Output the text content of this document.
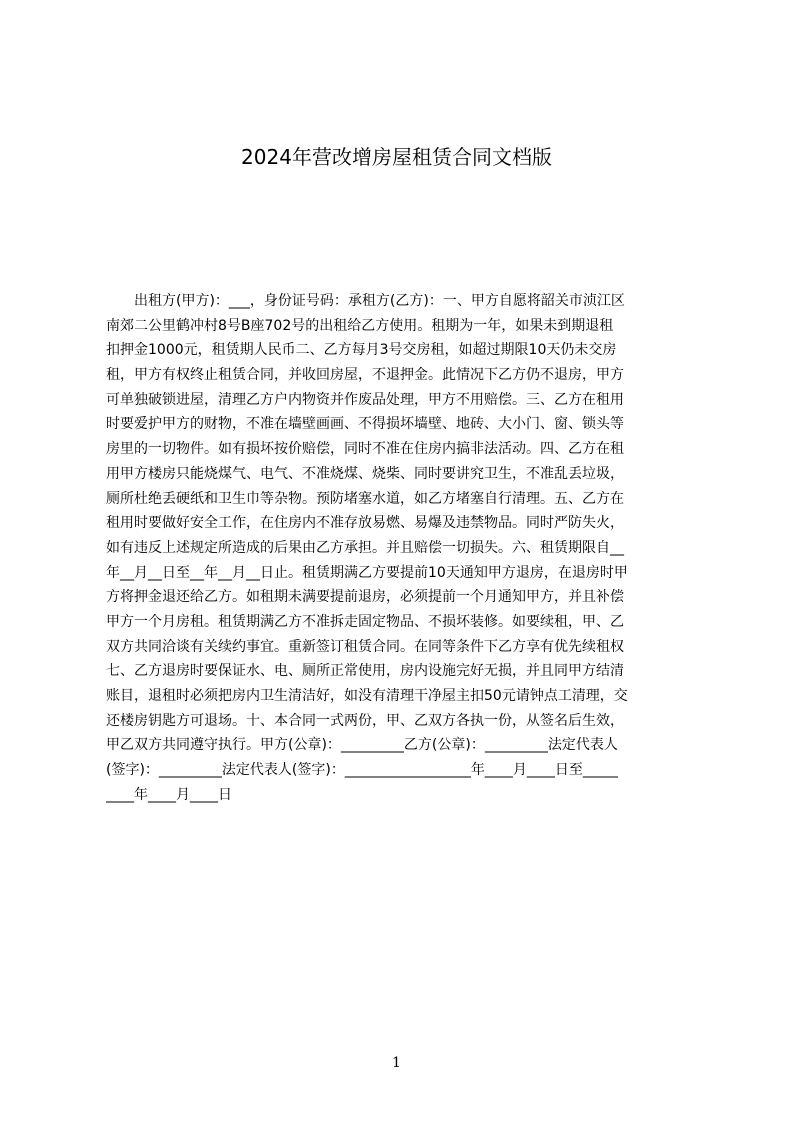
2024年营改增房屋租赁合同文档版
　　出租方(甲方)：___，身份证号码：承租方(乙方)：一、甲方自愿将韶关市浈江区
南郊二公里鹤冲村8号B座702号的出租给乙方使用。租期为一年，如果未到期退租
扣押金1000元，租赁期人民币二、乙方每月3号交房租，如超过期限10天仍未交房
租，甲方有权终止租赁合同，并收回房屋，不退押金。此情况下乙方仍不退房，甲方
可单独破锁进屋，清理乙方户内物资并作废品处理，甲方不用赔偿。三、乙方在租用
时要爱护甲方的财物，不准在墙壁画画、不得损坏墙壁、地砖、大小门、窗、锁头等
房里的一切物件。如有损坏按价赔偿，同时不准在住房内搞非法活动。四、乙方在租
用甲方楼房只能烧煤气、电气、不准烧煤、烧柴、同时要讲究卫生，不准乱丢垃圾，
厕所杜绝丢硬纸和卫生巾等杂物。预防堵塞水道，如乙方堵塞自行清理。五、乙方在
租用时要做好安全工作，在住房内不准存放易燃、易爆及违禁物品。同时严防失火，
如有违反上述规定所造成的后果由乙方承担。并且赔偿一切损失。六、租赁期限自__
年__月__日至__年__月__日止。租赁期满乙方要提前10天通知甲方退房，在退房时甲
方将押金退还给乙方。如租期未满要提前退房，必须提前一个月通知甲方，并且补偿
甲方一个月房租。租赁期满乙方不准拆走固定物品、不损坏装修。如要续租，甲、乙
双方共同洽谈有关续约事宜。重新签订租赁合同。在同等条件下乙方享有优先续租权
七、乙方退房时要保证水、电、厕所正常使用，房内设施完好无损，并且同甲方结清
账目，退租时必须把房内卫生清洁好，如没有清理干净屋主扣50元请钟点工清理，交
还楼房钥匙方可退场。十、本合同一式两份，甲、乙双方各执一份，从签名后生效，
甲乙双方共同遵守执行。甲方(公章)：_________乙方(公章)：_________法定代表人
(签字)：_________法定代表人(签字)：__________________年____月____日至_____
____年____月____日
1
